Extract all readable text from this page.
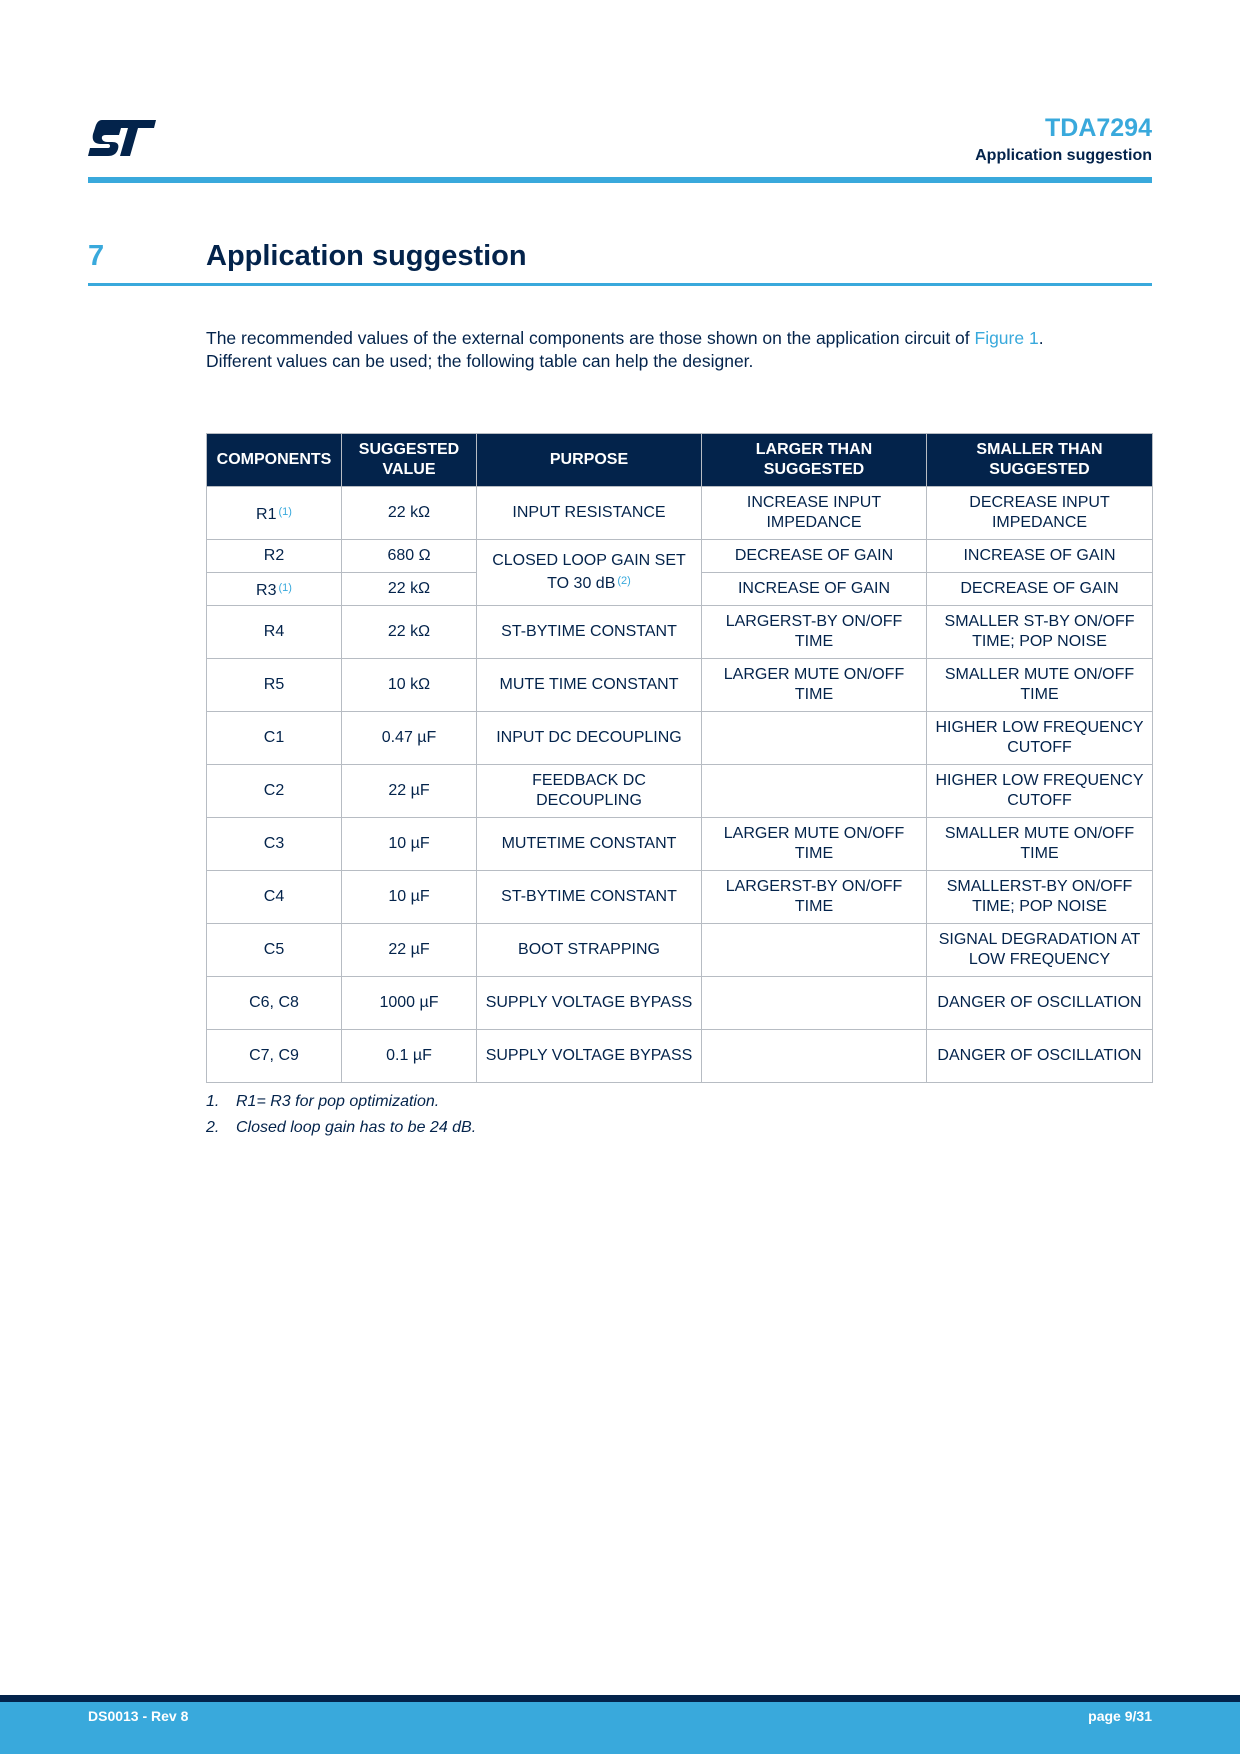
TDA7294
Application suggestion
7	Application suggestion
The recommended values of the external components are those shown on the application circuit of Figure 1.
Different values can be used; the following table can help the designer.
COMPONENTS	SUGGESTED VALUE	PURPOSE	LARGER THAN SUGGESTED	SMALLER THAN SUGGESTED
R1 $^{(1)}$	22 kΩ	INPUT RESISTANCE	INCREASE INPUT IMPEDANCE	DECREASE INPUT IMPEDANCE
R2	680 Ω	CLOSED LOOP GAIN SET TO 30 dB $^{(2)}$	DECREASE OF GAIN	INCREASE OF GAIN
R3 $^{(1)}$	22 kΩ		INCREASE OF GAIN	DECREASE OF GAIN
R4	22 kΩ	ST-BYTIME CONSTANT	LARGERST-BY ON/OFF TIME	SMALLER ST-BY ON/OFF TIME; POP NOISE
R5	10 kΩ	MUTE TIME CONSTANT	LARGER MUTE ON/OFF TIME	SMALLER MUTE ON/OFF TIME
C1	0.47 µF	INPUT DC DECOUPLING		HIGHER LOW FREQUENCY CUTOFF
C2	22 µF	FEEDBACK DC DECOUPLING		HIGHER LOW FREQUENCY CUTOFF
C3	10 µF	MUTETIME CONSTANT	LARGER MUTE ON/OFF TIME	SMALLER MUTE ON/OFF TIME
C4	10 µF	ST-BYTIME CONSTANT	LARGERST-BY ON/OFF TIME	SMALLERST-BY ON/OFF TIME; POP NOISE
C5	22 µF	BOOT STRAPPING		SIGNAL DEGRADATION AT LOW FREQUENCY
C6, C8	1000 µF	SUPPLY VOLTAGE BYPASS		DANGER OF OSCILLATION
C7, C9	0.1 µF	SUPPLY VOLTAGE BYPASS		DANGER OF OSCILLATION
1.	R1= R3 for pop optimization.
2.	Closed loop gain has to be 24 dB.
DS0013 - Rev 8	page 9/31
